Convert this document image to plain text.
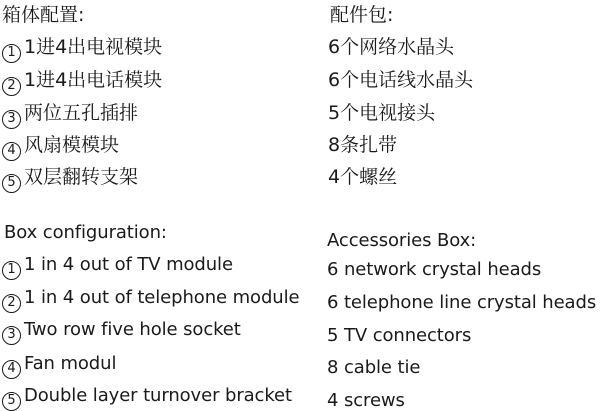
箱体配置:
1 1进4出电视模块
2 1进4出电话模块
3 两位五孔插排
4 风扇模模块
5 双层翻转支架
配件包:
6个网络水晶头
6个电话线水晶头
5个电视接头
8条扎带
4个螺丝
Box configuration:
1 1 in 4 out of TV module
2 1 in 4 out of telephone module
3 Two row five hole socket
4 Fan modul
5 Double layer turnover bracket
Accessories Box:
6 network crystal heads
6 telephone line crystal heads
5 TV connectors
8 cable tie
4 screws
